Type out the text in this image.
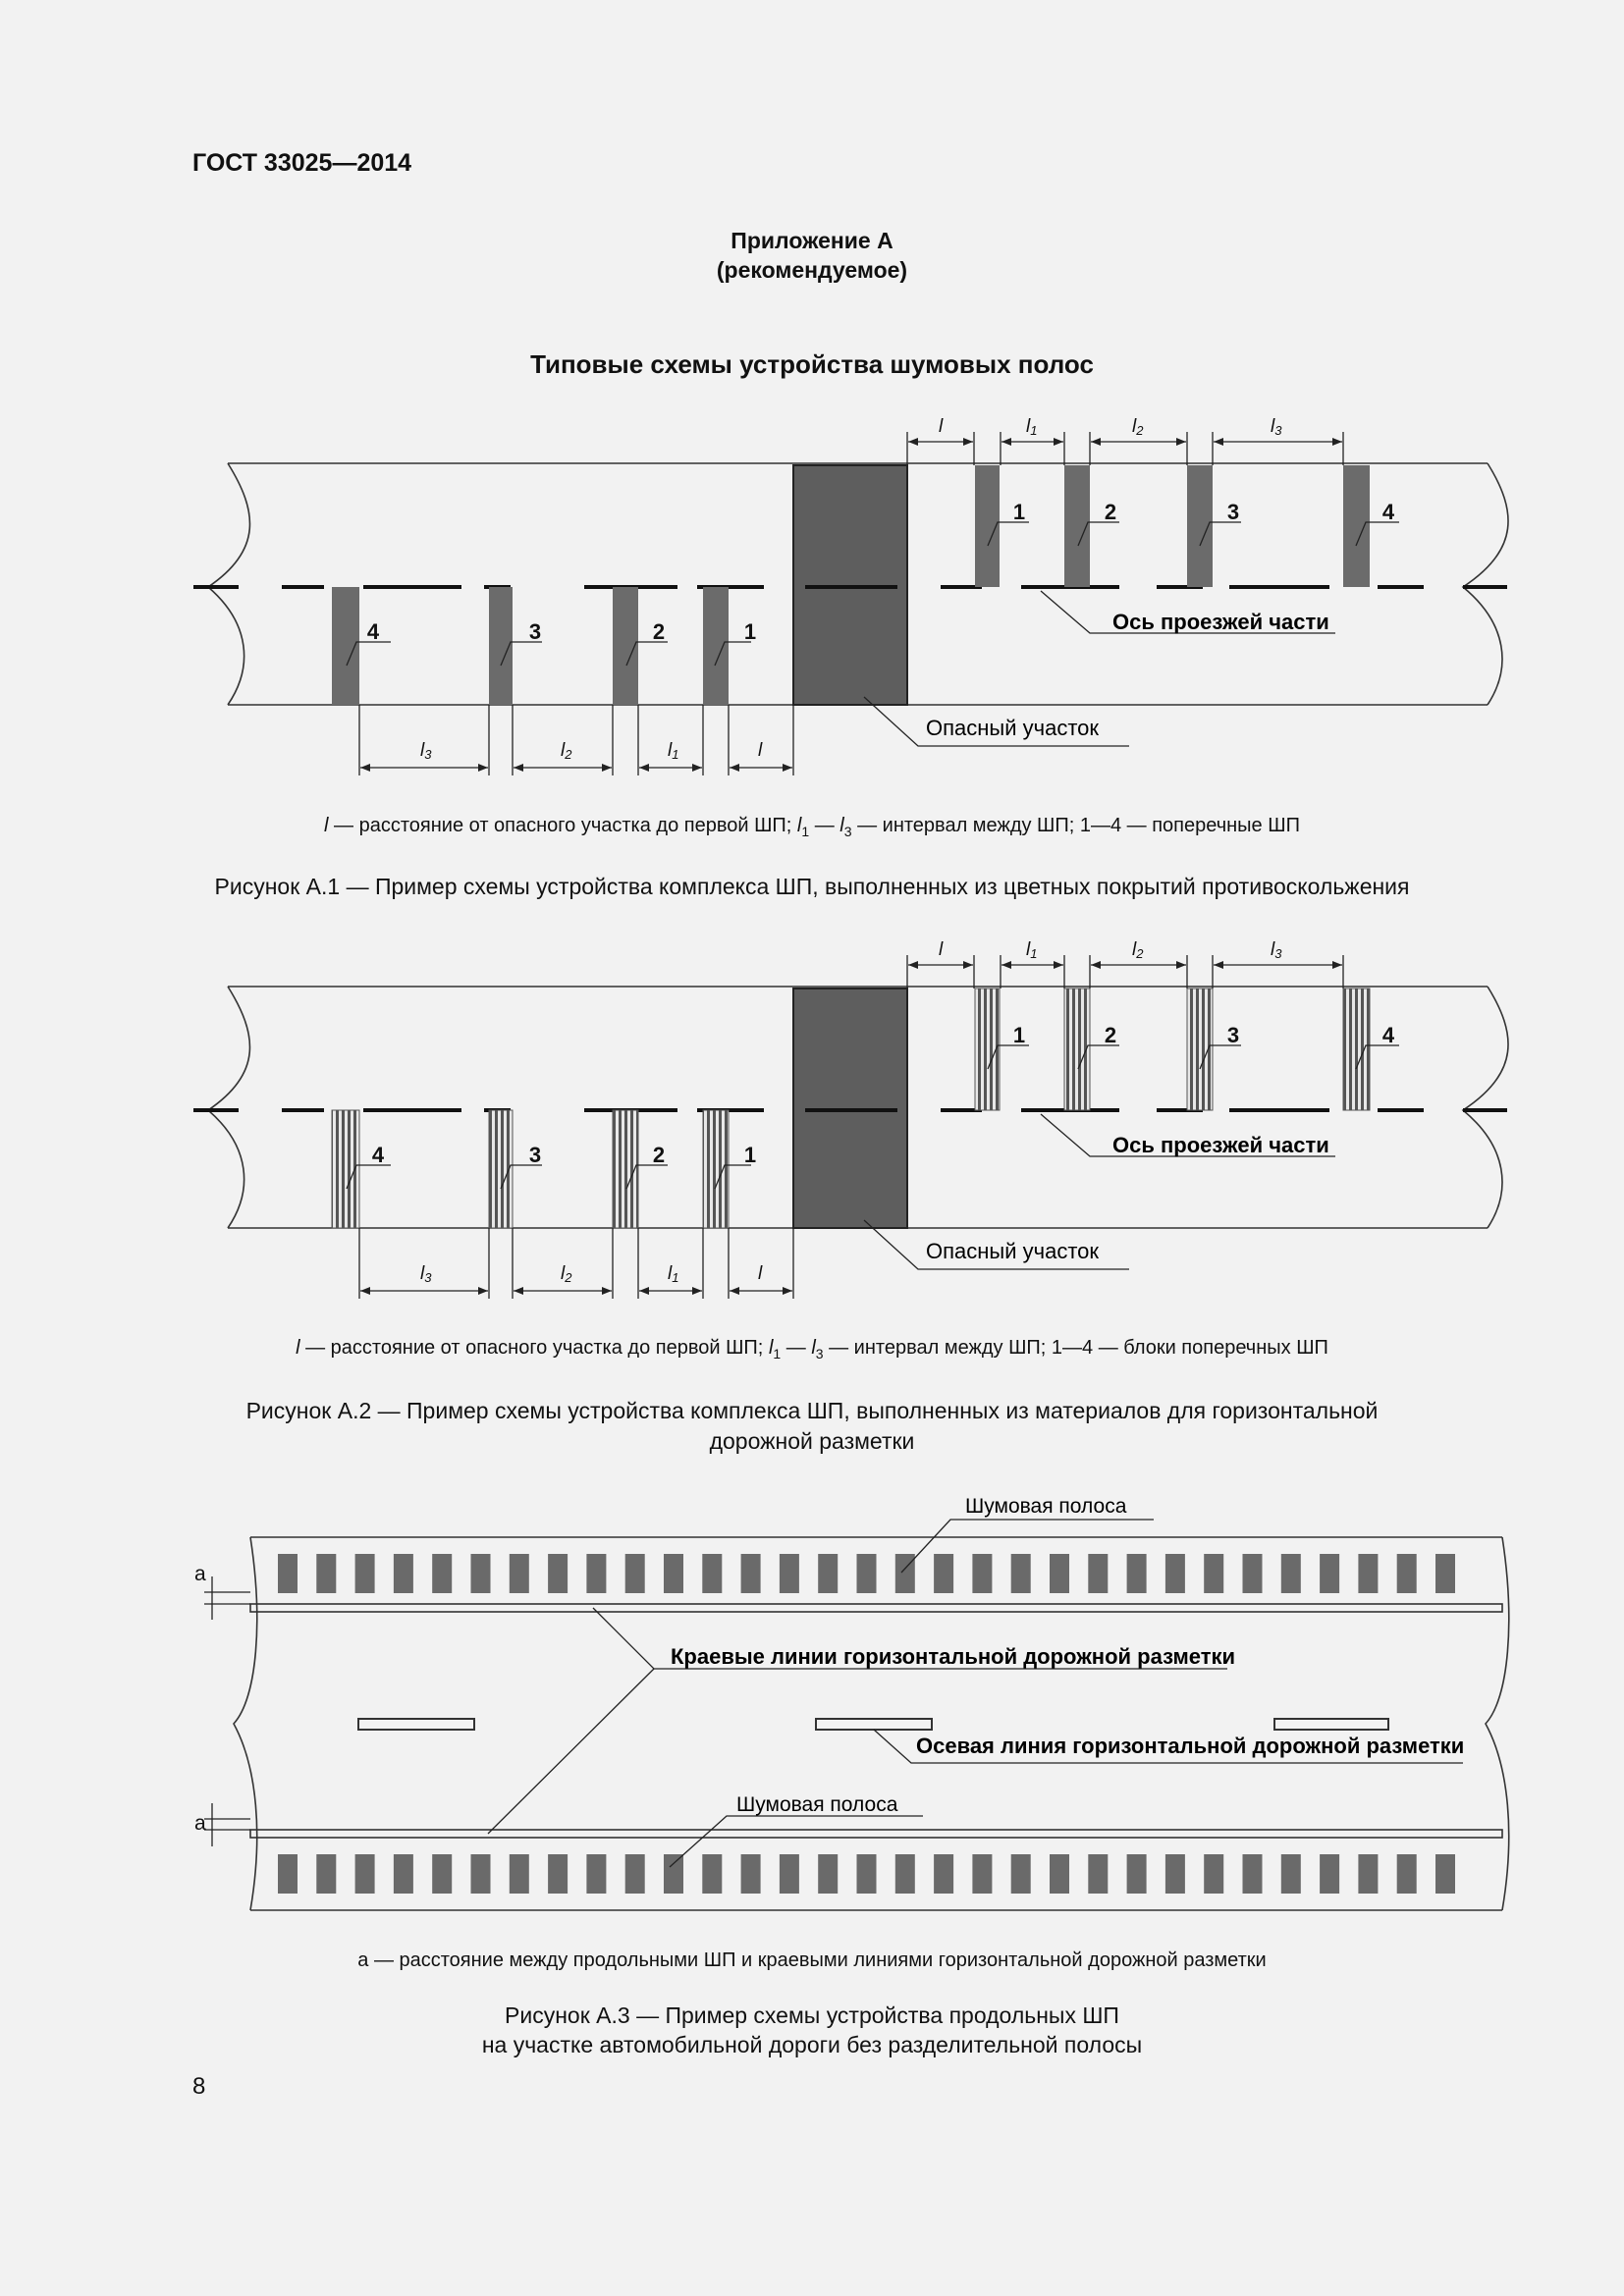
ГОСТ 33025—2014
Приложение А
(рекомендуемое)
Типовые схемы устройства шумовых полос
4	3	2	1
1	2	3	4
Ось проезжей части
Опасный участок
l	l1	l2	l3
l3	l2	l1	l
l — расстояние от опасного участка до первой ШП; $l_1$ — $l_3$ — интервал между ШП; 1—4 — поперечные ШП
Рисунок А.1 — Пример схемы устройства комплекса ШП, выполненных из цветных покрытий противоскольжения
4	3	2	1
1	2	3	4
Ось проезжей части
Опасный участок
l	l1	l2	l3
l3	l2	l1	l
l — расстояние от опасного участка до первой ШП; $l_1$ — $l_3$ — интервал между ШП; 1—4 — блоки поперечных ШП
Рисунок А.2 — Пример схемы устройства комплекса ШП, выполненных из материалов для горизонтальной
дорожной разметки
a
a
Шумовая полоса
Шумовая полоса
Краевые линии горизонтальной дорожной разметки
Осевая линия горизонтальной дорожной разметки
а — расстояние между продольными ШП и краевыми линиями горизонтальной дорожной разметки
Рисунок А.3 — Пример схемы устройства продольных ШП
на участке автомобильной дороги без разделительной полосы
8
